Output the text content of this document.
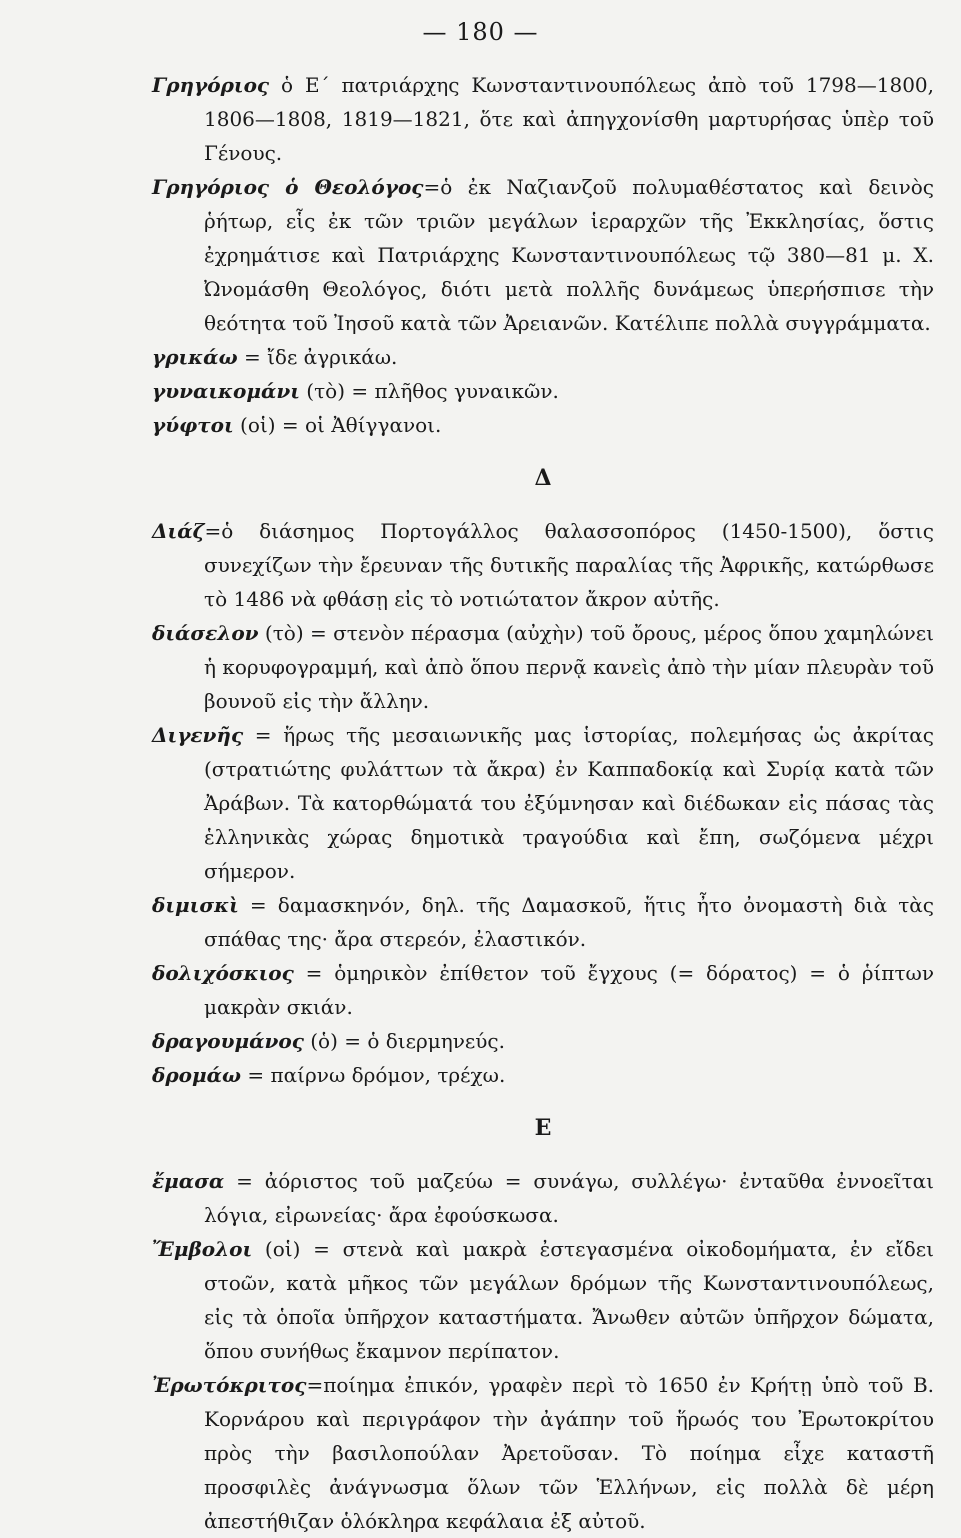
— 180 —

Γρηγόριος ὁ Ε΄ πατριάρχης Κωνσταντινουπόλεως ἀπὸ τοῦ 1798—1800, 1806—1808, 1819—1821, ὅτε καὶ ἀπηγχονίσθη μαρτυρήσας ὑπὲρ τοῦ Γένους.

Γρηγόριος ὁ Θεολόγος=ὁ ἐκ Ναζιανζοῦ πολυμαθέστατος καὶ δεινὸς ῥήτωρ, εἷς ἐκ τῶν τριῶν μεγάλων ἱεραρχῶν τῆς Ἐκκλησίας, ὅστις ἐχρημάτισε καὶ Πατριάρχης Κωνσταντινουπόλεως τῷ 380—81 μ. Χ. Ὠνομάσθη Θεολόγος, διότι μετὰ πολλῆς δυνάμεως ὑπερήσπισε τὴν θεότητα τοῦ Ἰησοῦ κατὰ τῶν Ἀρειανῶν. Κατέλιπε πολλὰ συγγράμματα.

γρικάω = ἴδε ἀγρικάω.

γυναικομάνι (τὸ) = πλῆθος γυναικῶν.

γύφτοι (οἱ) = οἱ Ἀθίγγανοι.

Δ

Διάζ=ὁ διάσημος Πορτογάλλος θαλασσοπόρος (1450-1500), ὅστις συνεχίζων τὴν ἔρευναν τῆς δυτικῆς παραλίας τῆς Ἀφρικῆς, κατώρθωσε τὸ 1486 νὰ φθάσῃ εἰς τὸ νοτιώτατον ἄκρον αὐτῆς.

διάσελον (τὸ) = στενὸν πέρασμα (αὐχὴν) τοῦ ὄρους, μέρος ὅπου χαμηλώνει ἡ κορυφογραμμή, καὶ ἀπὸ ὅπου περνᾷ κανεὶς ἀπὸ τὴν μίαν πλευρὰν τοῦ βουνοῦ εἰς τὴν ἄλλην.

Διγενῆς = ἥρως τῆς μεσαιωνικῆς μας ἱστορίας, πολεμήσας ὡς ἀκρίτας (στρατιώτης φυλάττων τὰ ἄκρα) ἐν Καππαδοκίᾳ καὶ Συρίᾳ κατὰ τῶν Ἀράβων. Τὰ κατορθώματά του ἐξύμνησαν καὶ διέδωκαν εἰς πάσας τὰς ἑλληνικὰς χώρας δημοτικὰ τραγούδια καὶ ἔπη, σωζόμενα μέχρι σήμερον.

διμισκὶ = δαμασκηνόν, δηλ. τῆς Δαμασκοῦ, ἥτις ἦτο ὀνομαστὴ διὰ τὰς σπάθας της· ἄρα στερεόν, ἐλαστικόν.

δολιχόσκιος = ὁμηρικὸν ἐπίθετον τοῦ ἔγχους (= δόρατος) = ὁ ῥίπτων μακρὰν σκιάν.

δραγουμάνος (ὁ) = ὁ διερμηνεύς.

δρομάω = παίρνω δρόμον, τρέχω.

Ε

ἔμασα = ἀόριστος τοῦ μαζεύω = συνάγω, συλλέγω· ἐνταῦθα ἐννοεῖται λόγια, εἰρωνείας· ἄρα ἐφούσκωσα.

Ἔμβολοι (οἱ) = στενὰ καὶ μακρὰ ἐστεγασμένα οἰκοδομήματα, ἐν εἴδει στοῶν, κατὰ μῆκος τῶν μεγάλων δρόμων τῆς Κωνσταντινουπόλεως, εἰς τὰ ὁποῖα ὑπῆρχον καταστήματα. Ἄνωθεν αὐτῶν ὑπῆρχον δώματα, ὅπου συνήθως ἔκαμνον περίπατον.

Ἐρωτόκριτος=ποίημα ἐπικόν, γραφὲν περὶ τὸ 1650 ἐν Κρήτῃ ὑπὸ τοῦ Β. Κορνάρου καὶ περιγράφον τὴν ἀγάπην τοῦ ἥρωός του Ἐρωτοκρίτου πρὸς τὴν βασιλοπούλαν Ἀρετοῦσαν. Τὸ ποίημα εἶχε καταστῆ προσφιλὲς ἀνάγνωσμα ὅλων τῶν Ἑλλήνων, εἰς πολλὰ δὲ μέρη ἀπεστήθιζαν ὁλόκληρα κεφάλαια ἐξ αὐτοῦ.
